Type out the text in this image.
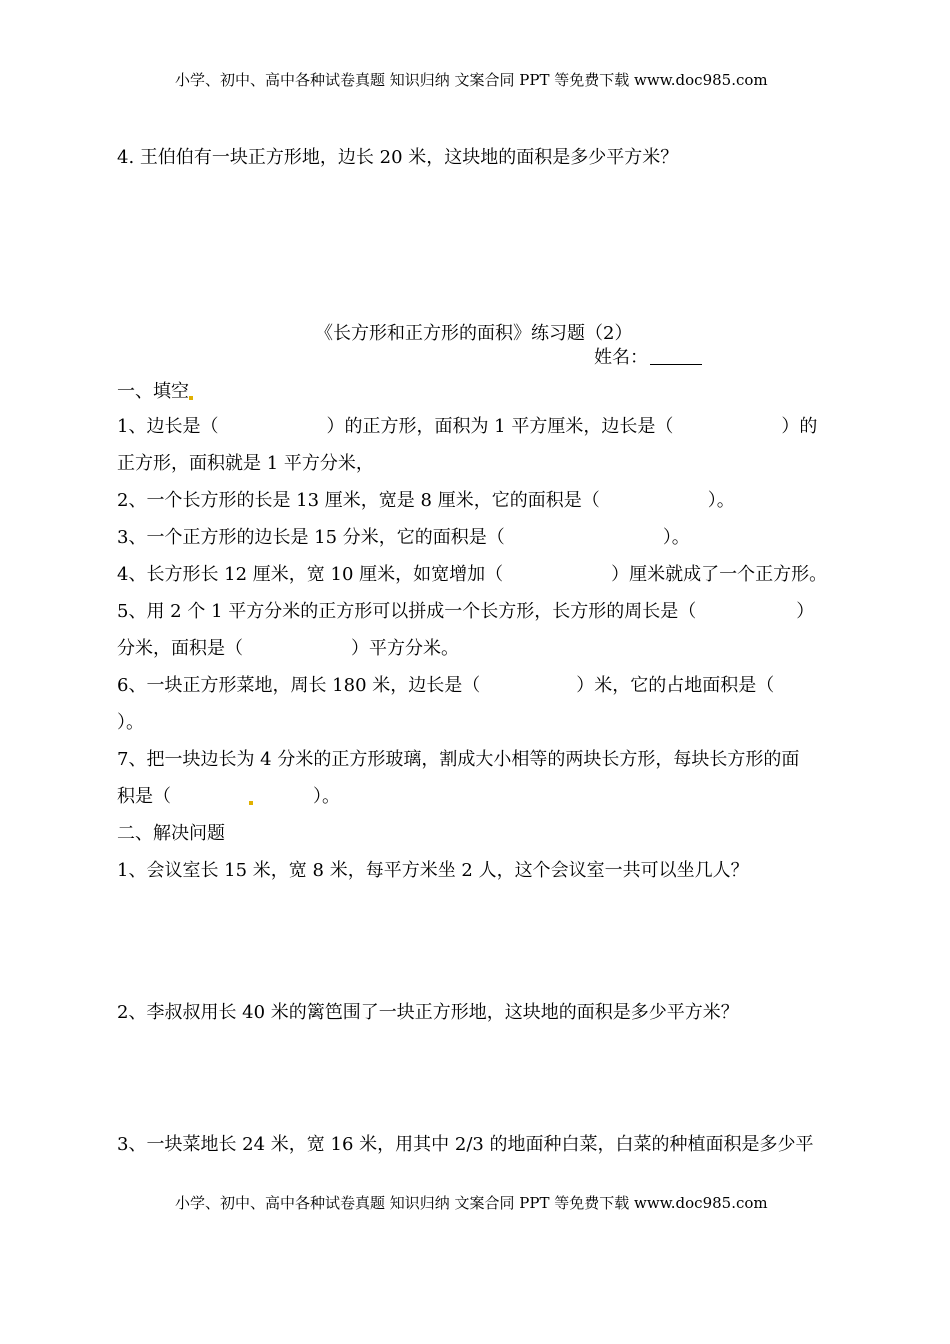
小学、初中、高中各种试卷真题 知识归纳 文案合同 PPT 等免费下载 www.doc985.com
4. 王伯伯有一块正方形地，边长 20 米，这块地的面积是多少平方米？
《长方形和正方形的面积》练习题（2）
姓名：
一、填空
1、边长是（	）的正方形，面积为 1 平方厘米，边长是（	）的
正方形，面积就是 1 平方分米，
2、一个长方形的长是 13 厘米，宽是 8 厘米，它的面积是（	）。
3、一个正方形的边长是 15 分米，它的面积是（	）。
4、长方形长 12 厘米，宽 10 厘米，如宽增加（	）厘米就成了一个正方形。
5、用 2 个 1 平方分米的正方形可以拼成一个长方形，长方形的周长是（	）
分米，面积是（	）平方分米。
6、一块正方形菜地，周长 180 米，边长是（	）米，它的占地面积是（
）。
7、把一块边长为 4 分米的正方形玻璃，割成大小相等的两块长方形，每块长方形的面
积是（	）。
二、解决问题
1、会议室长 15 米，宽 8 米，每平方米坐 2 人，这个会议室一共可以坐几人？
2、李叔叔用长 40 米的篱笆围了一块正方形地，这块地的面积是多少平方米？
3、一块菜地长 24 米，宽 16 米，用其中 2/3 的地面种白菜，白菜的种植面积是多少平
小学、初中、高中各种试卷真题 知识归纳 文案合同 PPT 等免费下载 www.doc985.com
